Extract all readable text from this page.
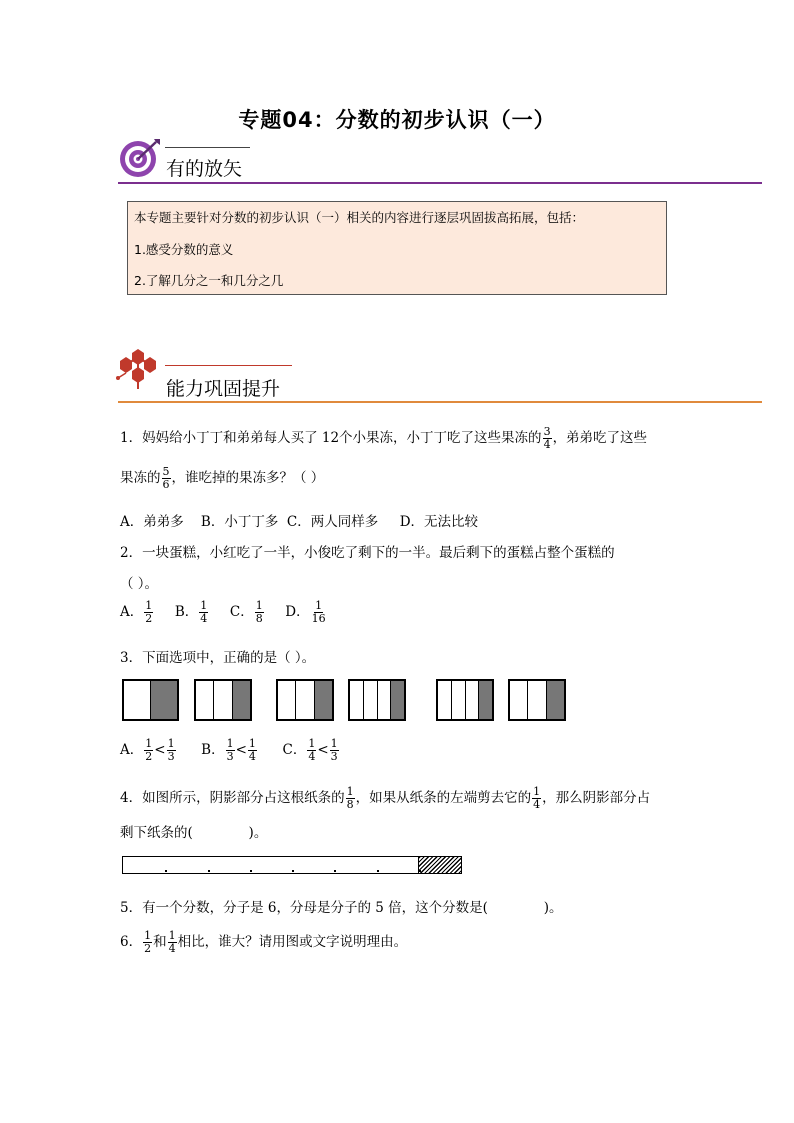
专题04：分数的初步认识（一）
有的放矢
本专题主要针对分数的初步认识（一）相关的内容进行逐层巩固拔高拓展，包括：
1.感受分数的意义
2.了解几分之一和几分之几
能力巩固提升
1．妈妈给小丁丁和弟弟每人买了 12个小果冻，小丁丁吃了这些果冻的 $\frac{3}{4}$ ，弟弟吃了这些
果冻的 $\frac{5}{6}$ ，谁吃掉的果冻多？（ ）
A．弟弟多    B．小丁丁多  C．两人同样多     D．无法比较
2．一块蛋糕，小红吃了一半，小俊吃了剩下的一半。最后剩下的蛋糕占整个蛋糕的
（ ）。
A． $\frac{1}{2}$ B． $\frac{1}{4}$ C． $\frac{1}{8}$ D． $\frac{1}{16}$
3．下面选项中，正确的是（ ）。
A． $\frac{1}{2} < \frac{1}{3}$ B． $\frac{1}{3} < \frac{1}{4}$ C． $\frac{1}{4} < \frac{1}{3}$
4．如图所示，阴影部分占这根纸条的 $\frac{1}{8}$ ，如果从纸条的左端剪去它的 $\frac{1}{4}$ ，那么阴影部分占
剩下纸条的(             )。
5．有一个分数，分子是 6，分母是分子的 5 倍，这个分数是(             )。
6． $\frac{1}{2}$ 和 $\frac{1}{4}$ 相比，谁大？请用图或文字说明理由。
